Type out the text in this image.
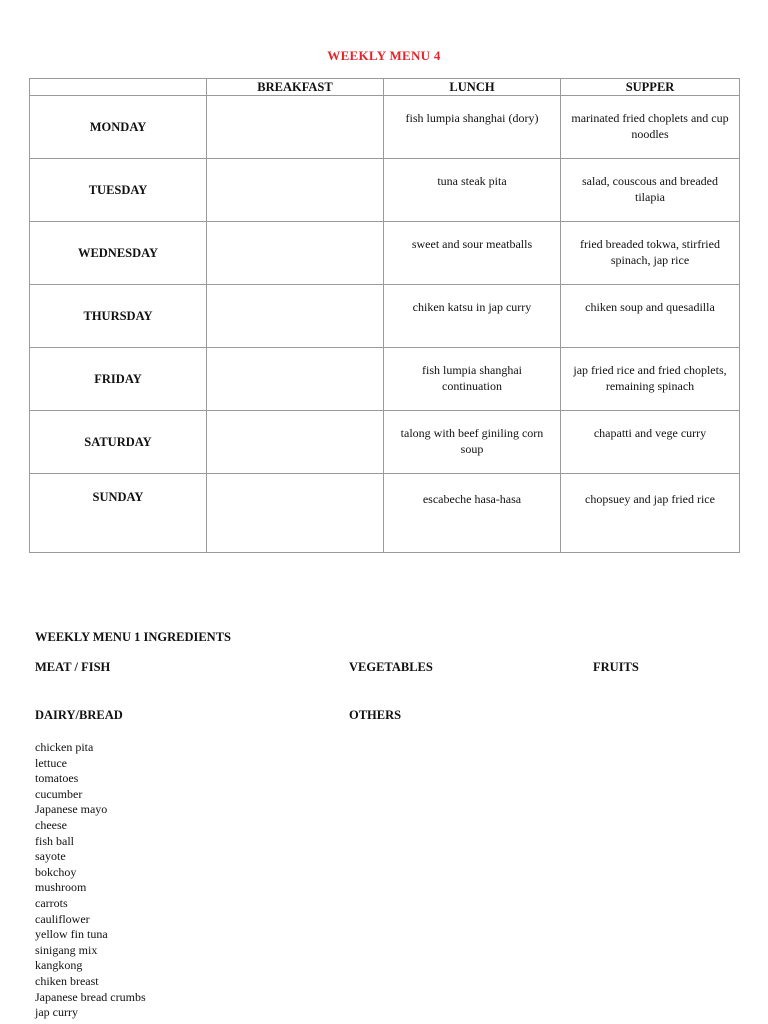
WEEKLY MENU 4
	BREAKFAST	LUNCH	SUPPER
MONDAY		fish lumpia shanghai (dory)	marinated fried choplets and cup noodles

TUESDAY		tuna steak pita	salad, couscous and breaded tilapia

WEDNESDAY		sweet and sour meatballs	fried breaded tokwa, stirfried spinach, jap rice

THURSDAY		chiken katsu in jap curry	chiken soup and quesadilla

FRIDAY		fish lumpia shanghai continuation	jap fried rice and fried choplets, remaining spinach

SATURDAY		talong with beef giniling corn soup	chapatti and vege curry

SUNDAY		escabeche hasa-hasa	chopsuey and jap fried rice
WEEKLY MENU 1 INGREDIENTS
MEAT / FISH	VEGETABLES	FRUITS
DAIRY/BREAD	OTHERS
chicken pita
lettuce
tomatoes
cucumber
Japanese mayo
cheese
fish ball
sayote
bokchoy
mushroom
carrots
cauliflower
yellow fin tuna
sinigang mix
kangkong
chiken breast
Japanese bread crumbs
jap curry
